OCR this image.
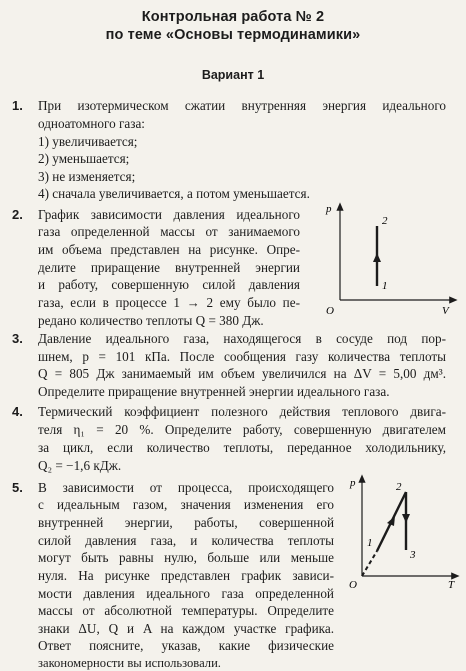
Контрольная работа № 2
по теме «Основы термодинамики»
Вариант 1
1. При изотермическом сжатии внутренняя энергия идеального
одноатомного газа:
1) увеличивается;
2) уменьшается;
3) не изменяется;
4) сначала увеличивается, а потом уменьшается.
2. График зависимости давления идеального
газа определенной массы от занимаемого
им объема представлен на рисунке. Опре-
делите приращение внутренней энергии
и работу, совершенную силой давления
газа, если в процессе 1 → 2 ему было пе-
редано количество теплоты Q = 380 Дж.
p
V
O
1
2
3. Давление идеального газа, находящегося в сосуде под пор-
шнем, p = 101 кПа. После сообщения газу количества теплоты
Q = 805 Дж занимаемый им объем увеличился на ΔV = 5,00 дм³.
Определите приращение внутренней энергии идеального газа.
4. Термический коэффициент полезного действия теплового двига-
теля η₁ = 20 %. Определите работу, совершенную двигателем
за цикл, если количество теплоты, переданное холодильнику,
Q₂ = −1,6 кДж.
5. В зависимости от процесса, происходящего
с идеальным газом, значения изменения его
внутренней энергии, работы, совершенной
силой давления газа, и количества теплоты
могут быть равны нулю, больше или меньше
нуля. На рисунке представлен график зависи-
мости давления идеального газа определенной
массы от абсолютной температуры. Определите
знаки ΔU, Q и A на каждом участке графика.
Ответ поясните, указав, какие физические
закономерности вы использовали.
p
T
O
1
2
3
